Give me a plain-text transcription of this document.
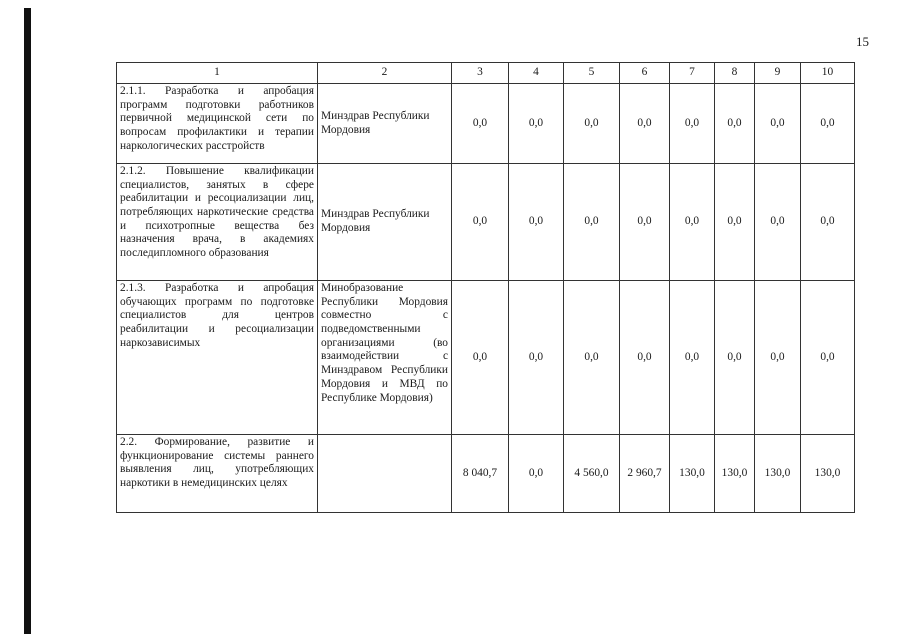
15
1	2	3	4	5	6	7	8	9	10
2.1.1. Разработка и апробация программ подготовки работников первичной медицинской сети по вопросам профилактики и терапии наркологических расстройств	Минздрав Республики Мордовия	0,0	0,0	0,0	0,0	0,0	0,0	0,0	0,0
2.1.2. Повышение квалификации специалистов, занятых в сфере реабилитации и ресоциализации лиц, потребляющих наркотические средства и психотропные вещества без назначения врача, в академиях последипломного образования	Минздрав Республики Мордовия	0,0	0,0	0,0	0,0	0,0	0,0	0,0	0,0
2.1.3. Разработка и апробация обучающих программ по подготовке специалистов для центров реабилитации и ресоциализации наркозависимых	Минобразование Республики Мордовия совместно с подведомственными организациями (во взаимодействии с Минздравом Республики Мордовия и МВД по Республике Мордовия)	0,0	0,0	0,0	0,0	0,0	0,0	0,0	0,0
2.2. Формирование, развитие и функционирование системы раннего выявления лиц, употребляющих наркотики в немедицинских целях		8 040,7	0,0	4 560,0	2 960,7	130,0	130,0	130,0	130,0
